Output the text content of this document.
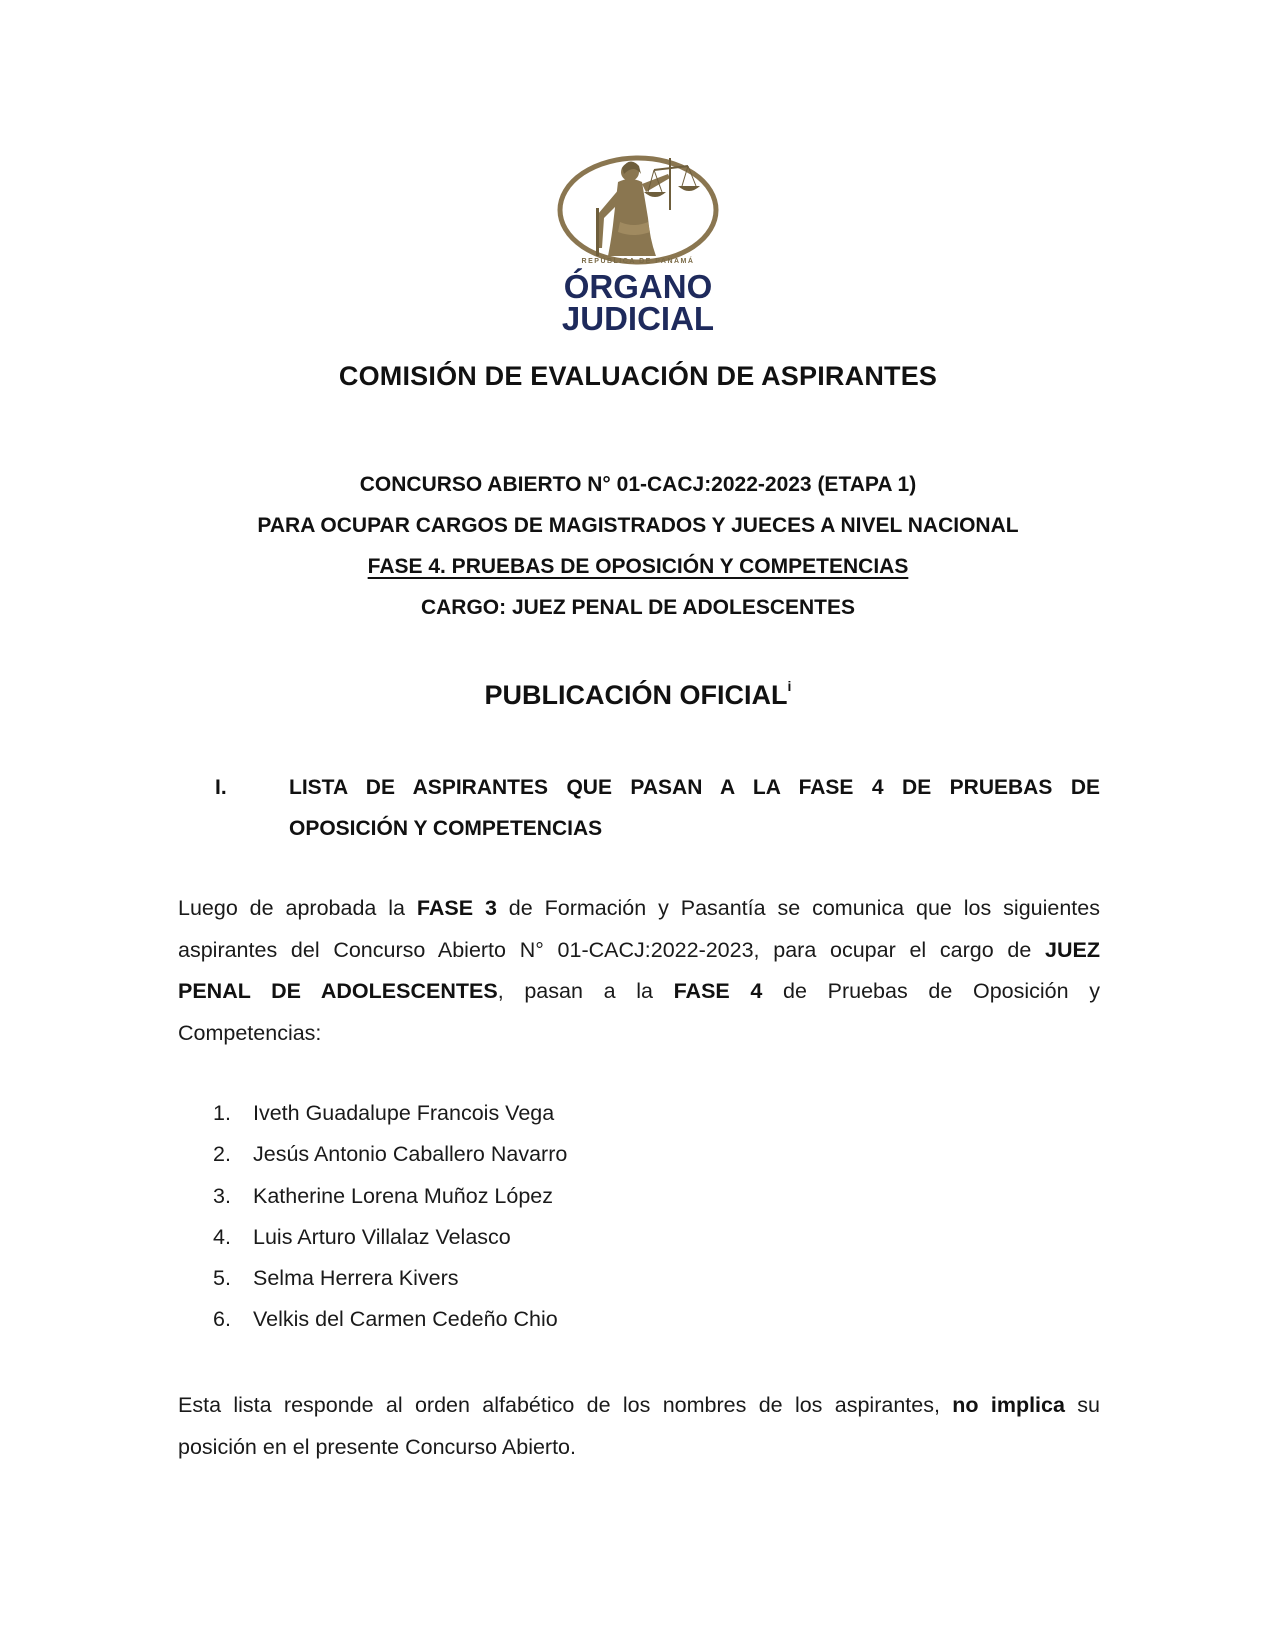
REPÚBLICA DE PANAMÁ
ÓRGANO
JUDICIAL
COMISIÓN DE EVALUACIÓN DE ASPIRANTES
CONCURSO ABIERTO N° 01-CACJ:2022-2023 (ETAPA 1)
PARA OCUPAR CARGOS DE MAGISTRADOS Y JUECES A NIVEL NACIONAL
FASE 4. PRUEBAS DE OPOSICIÓN Y COMPETENCIAS
CARGO: JUEZ PENAL DE ADOLESCENTES
PUBLICACIÓN OFICIAL$^i$
I.	LISTA DE ASPIRANTES QUE PASAN A LA FASE 4 DE PRUEBAS DE
OPOSICIÓN Y COMPETENCIAS
Luego de aprobada la FASE 3 de Formación y Pasantía se comunica que los siguientes
aspirantes del Concurso Abierto N° 01-CACJ:2022-2023, para ocupar el cargo de JUEZ
PENAL DE ADOLESCENTES, pasan a la FASE 4 de Pruebas de Oposición y
Competencias:
1. Iveth Guadalupe Francois Vega
2. Jesús Antonio Caballero Navarro
3. Katherine Lorena Muñoz López
4. Luis Arturo Villalaz Velasco
5. Selma Herrera Kivers
6. Velkis del Carmen Cedeño Chio
Esta lista responde al orden alfabético de los nombres de los aspirantes, no implica su
posición en el presente Concurso Abierto.
